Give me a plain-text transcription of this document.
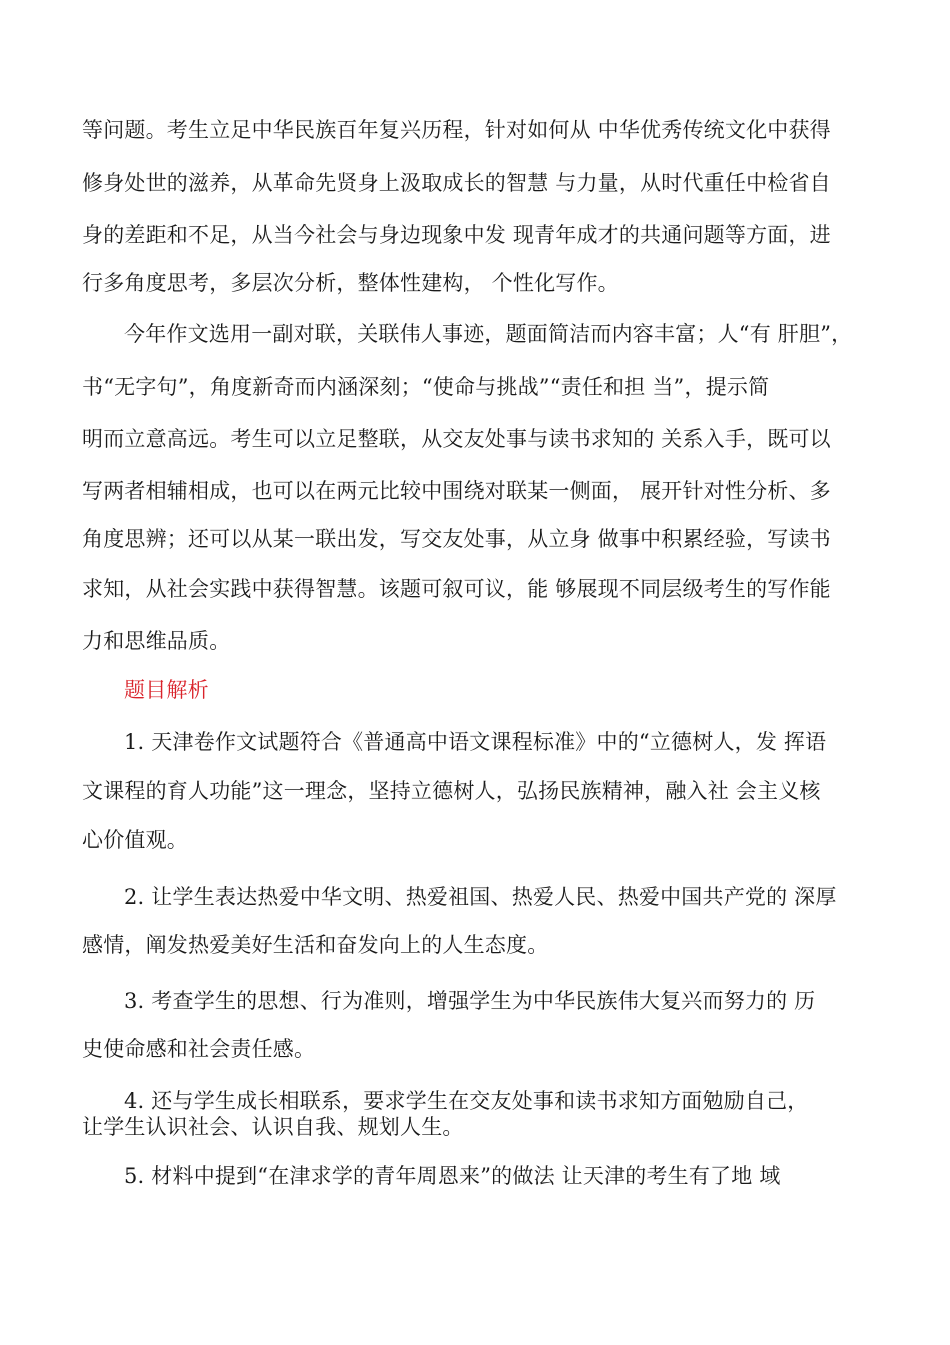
等问题。考生立足中华民族百年复兴历程，针对如何从 中华优秀传统文化中获得
修身处世的滋养，从革命先贤身上汲取成长的智慧 与力量，从时代重任中检省自
身的差距和不足，从当今社会与身边现象中发 现青年成才的共通问题等方面，进
行多角度思考，多层次分析，整体性建构， 个性化写作。
今年作文选用一副对联，关联伟人事迹，题面简洁而内容丰富；人“有 肝胆”，
书“无字句”，角度新奇而内涵深刻；“使命与挑战”“责任和担 当”，提示简
明而立意高远。考生可以立足整联，从交友处事与读书求知的 关系入手，既可以
写两者相辅相成，也可以在两元比较中围绕对联某一侧面， 展开针对性分析、多
角度思辨；还可以从某一联出发，写交友处事，从立身 做事中积累经验，写读书
求知，从社会实践中获得智慧。该题可叙可议，能 够展现不同层级考生的写作能
力和思维品质。
题目解析
1. 天津卷作文试题符合《普通高中语文课程标准》中的“立德树人，发 挥语
文课程的育人功能”这一理念，坚持立德树人，弘扬民族精神，融入社 会主义核
心价值观。
2. 让学生表达热爱中华文明、热爱祖国、热爱人民、热爱中国共产党的 深厚
感情，阐发热爱美好生活和奋发向上的人生态度。
3. 考查学生的思想、行为准则，增强学生为中华民族伟大复兴而努力的 历
史使命感和社会责任感。
4. 还与学生成长相联系，要求学生在交友处事和读书求知方面勉励自己，
让学生认识社会、认识自我、规划人生。
5. 材料中提到“在津求学的青年周恩来”的做法 让天津的考生有了地 域
